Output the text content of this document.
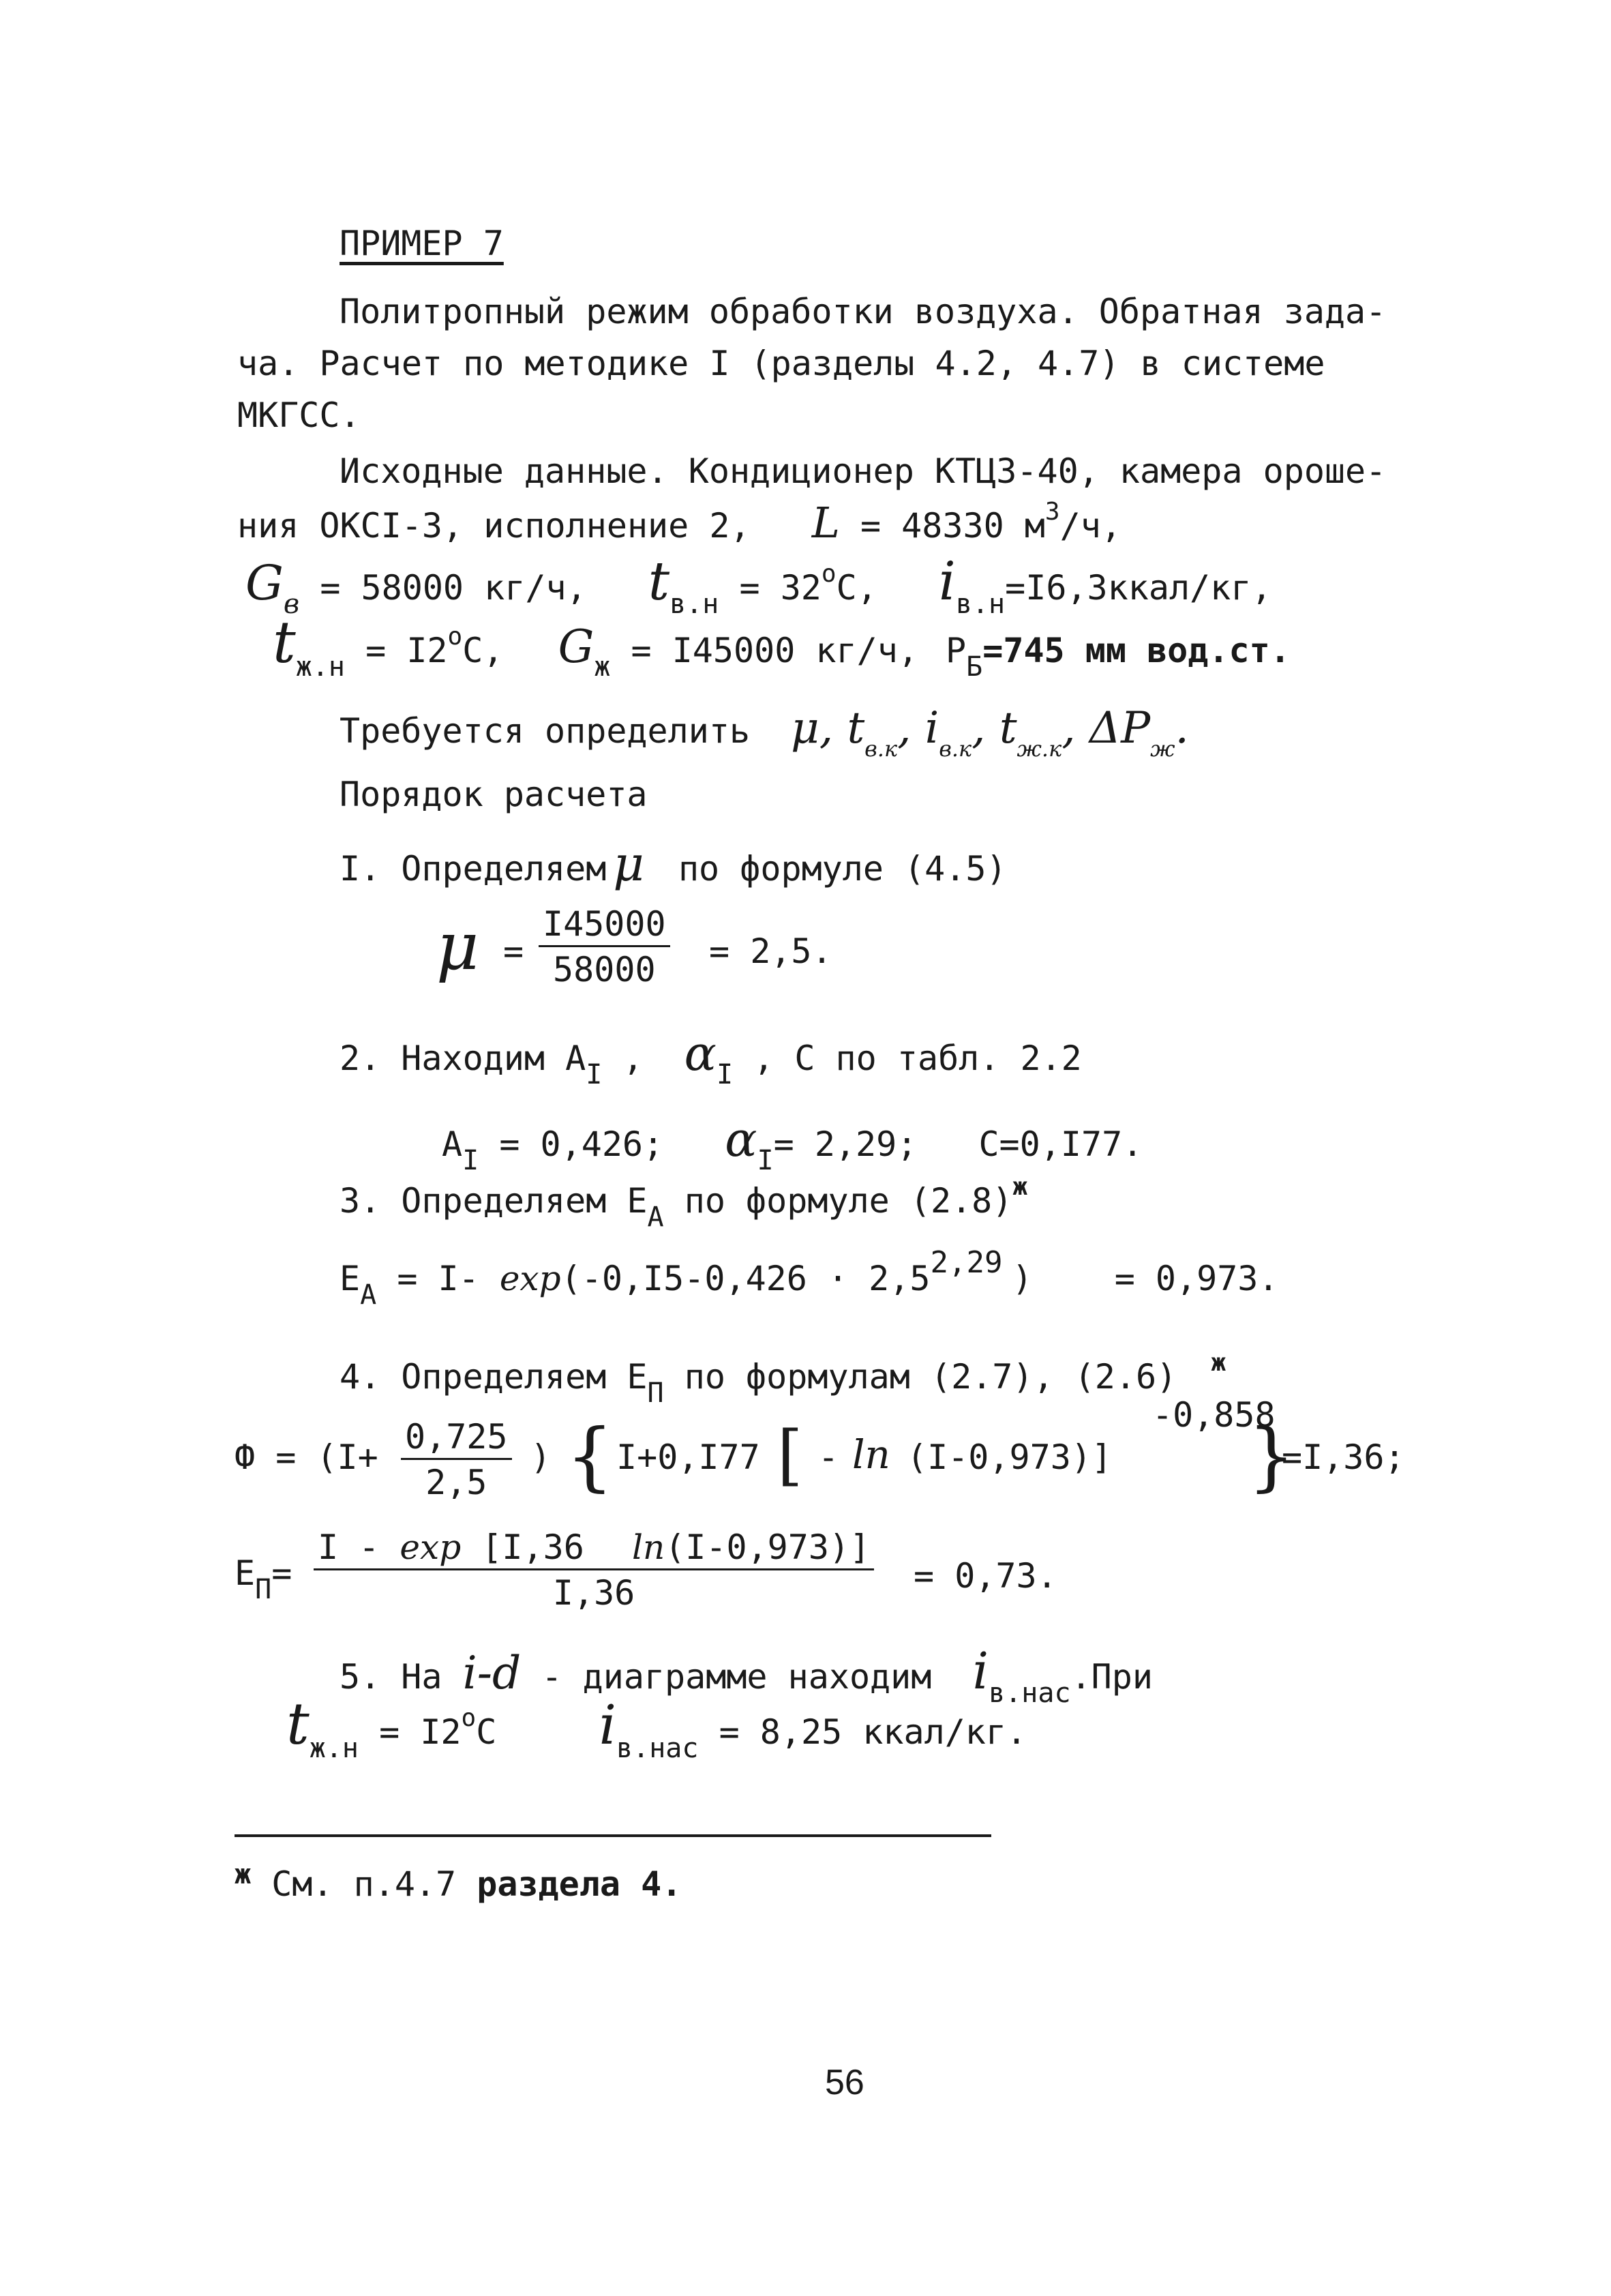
ПРИМЕР 7
Политропный режим обработки воздуха. Обратная зада-
ча. Расчет по методике I (разделы 4.2, 4.7) в системе
МКГСС.
Исходные данные. Кондиционер КТЦЗ-40, камера ороше-
ния ОКСI-3, исполнение 2, L = 48330 $м^3/ч$,
$G_в = 58000$ кг/ч, $t_{в.н} = 32^оС$, $i_{в.н}=I6,3ккал/кг$,
$t_{ж.н} = I2^оС$, $G_ж = I45000$ кг/ч, $Р_Б=745$ мм вод.ст.
Требуется определить μ, $t_{в.к}$, $i_{в.к}$, $t_{ж.к}$, $\Delta P_ж$.
Порядок расчета
I. Определяем μ по формуле (4.5)
$\mu = \frac{I45000}{58000} = 2,5$.
2. Находим $А_I$ , $\alpha_I$ , С по табл. 2.2
$А_I = 0,426$; $\alpha_I= 2,29$; С=0,I77.
3. Определяем $Е_А$ по формуле $(2.8)^ж$
$Е_А = I-$ exp(-0,I5-0,426 · 2,52,29 ) = 0,973.
4. Определяем $Е_П$ по формулам (2.7), (2.6) $^ж$
$Ф = (I+ \frac{0,725}{2,5}$ ) { I+0,I77 [ - ln (I-0,973)]
-0,858
}
=I,36;
$Е_П= \frac{I - \exp [I,36 \ln(I-0,973)]}{I,36} = 0,73$.
5. На i-d - диаграмме находим $i_{в.нас}.При$
$t_{ж.н} = I2^оС$ $i_{в.нас} = 8,25$ ккал/кг.
$^ж$ См. п.4.7 раздела 4.
56
